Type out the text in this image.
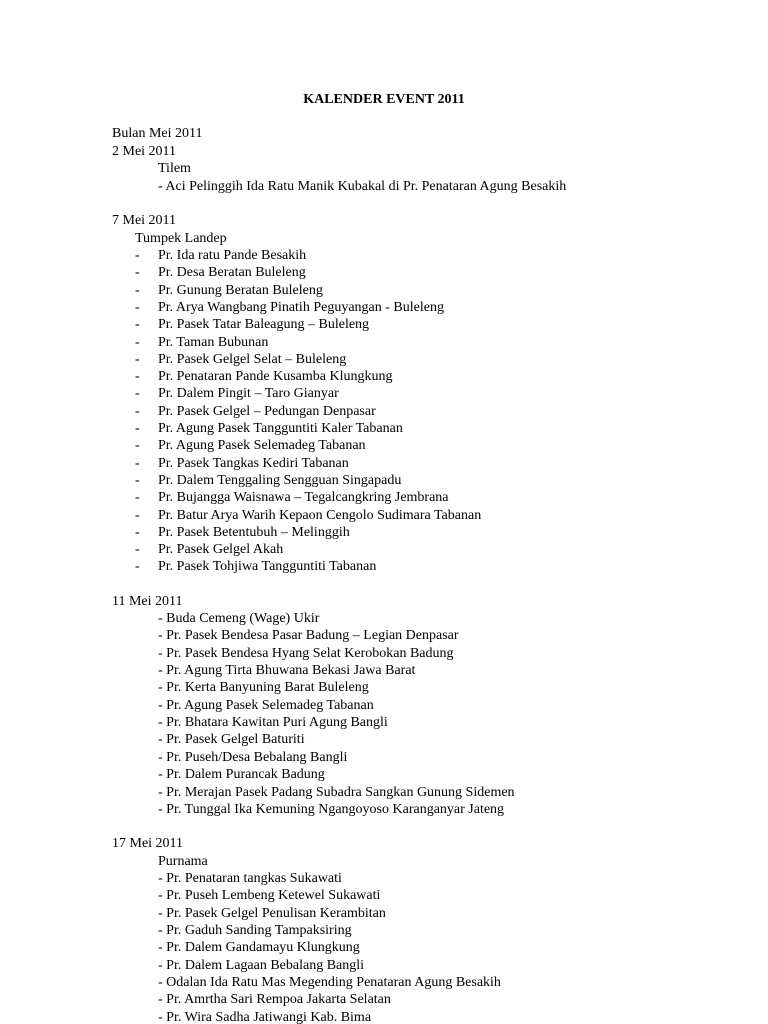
KALENDER EVENT 2011
Bulan Mei 2011
2 Mei 2011
Tilem
- Aci Pelinggih Ida Ratu Manik Kubakal di Pr. Penataran Agung Besakih
7 Mei 2011
Tumpek Landep
- Pr. Ida ratu Pande Besakih
- Pr. Desa Beratan Buleleng
- Pr. Gunung Beratan Buleleng
- Pr. Arya Wangbang Pinatih Peguyangan - Buleleng
- Pr. Pasek Tatar Baleagung – Buleleng
- Pr. Taman Bubunan
- Pr. Pasek Gelgel Selat – Buleleng
- Pr. Penataran Pande Kusamba Klungkung
- Pr. Dalem Pingit – Taro Gianyar
- Pr. Pasek Gelgel – Pedungan Denpasar
- Pr. Agung Pasek Tangguntiti Kaler Tabanan
- Pr. Agung Pasek Selemadeg Tabanan
- Pr. Pasek Tangkas Kediri Tabanan
- Pr. Dalem Tenggaling Sengguan Singapadu
- Pr. Bujangga Waisnawa – Tegalcangkring Jembrana
- Pr. Batur Arya Warih Kepaon Cengolo Sudimara Tabanan
- Pr. Pasek Betentubuh – Melinggih
- Pr. Pasek Gelgel Akah
- Pr. Pasek Tohjiwa Tangguntiti Tabanan
11 Mei 2011
- Buda Cemeng (Wage) Ukir
- Pr. Pasek Bendesa Pasar Badung – Legian Denpasar
- Pr. Pasek Bendesa Hyang Selat Kerobokan Badung
- Pr. Agung Tirta Bhuwana Bekasi Jawa Barat
- Pr. Kerta Banyuning Barat Buleleng
- Pr. Agung Pasek Selemadeg Tabanan
- Pr. Bhatara Kawitan Puri Agung Bangli
- Pr. Pasek Gelgel Baturiti
- Pr. Puseh/Desa Bebalang Bangli
- Pr. Dalem Purancak Badung
- Pr. Merajan Pasek Padang Subadra Sangkan Gunung Sidemen
- Pr. Tunggal Ika Kemuning Ngangoyoso Karanganyar Jateng
17 Mei 2011
Purnama
- Pr. Penataran tangkas Sukawati
- Pr. Puseh Lembeng Ketewel Sukawati
- Pr. Pasek Gelgel Penulisan Kerambitan
- Pr. Gaduh Sanding Tampaksiring
- Pr. Dalem Gandamayu Klungkung
- Pr. Dalem Lagaan Bebalang Bangli
- Odalan Ida Ratu Mas Megending Penataran Agung Besakih
- Pr. Amrtha Sari Rempoa Jakarta Selatan
- Pr. Wira Sadha Jatiwangi Kab. Bima
